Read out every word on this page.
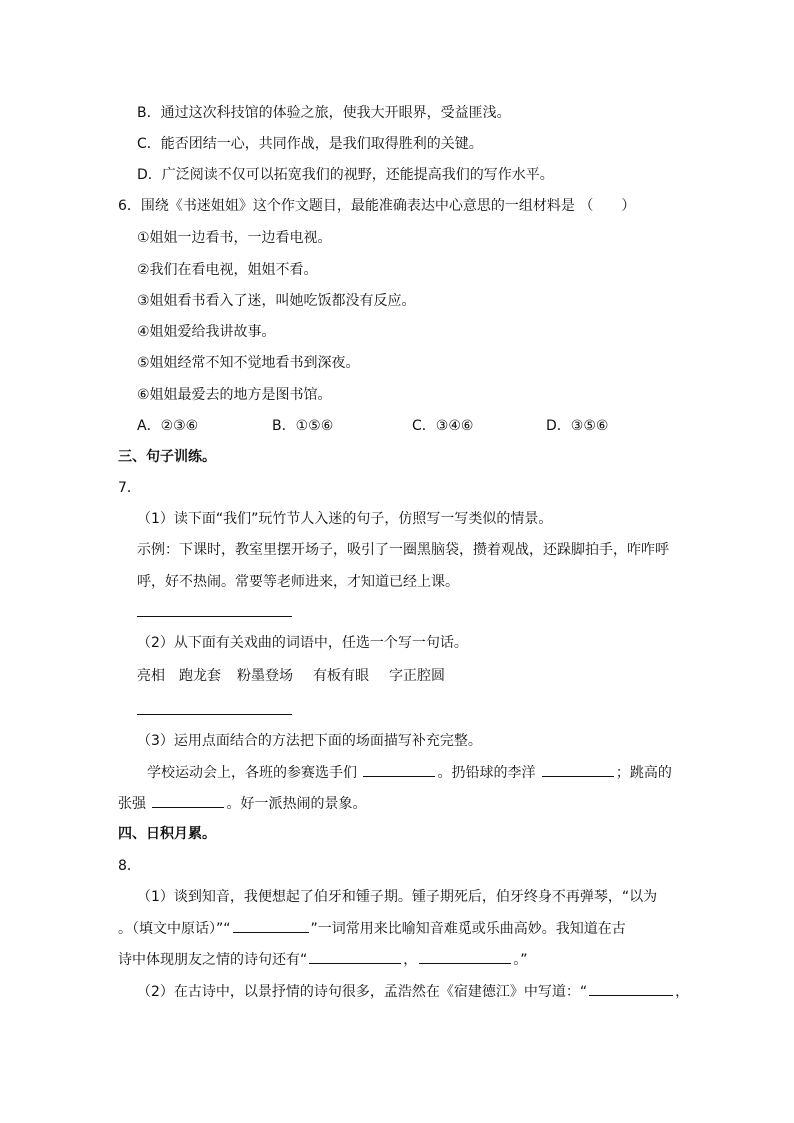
B．通过这次科技馆的体验之旅，使我大开眼界，受益匪浅。
C．能否团结一心，共同作战，是我们取得胜利的关键。
D．广泛阅读不仅可以拓宽我们的视野，还能提高我们的写作水平。
6．围绕《书迷姐姐》这个作文题目，最能准确表达中心意思的一组材料是 （　　）
①姐姐一边看书，一边看电视。
②我们在看电视，姐姐不看。
③姐姐看书看入了迷，叫她吃饭都没有反应。
④姐姐爱给我讲故事。
⑤姐姐经常不知不觉地看书到深夜。
⑥姐姐最爱去的地方是图书馆。
A．②③⑥	B．①⑤⑥	C．③④⑥	D．③⑤⑥
三、句子训练。
7．
（1）读下面“我们”玩竹节人入迷的句子，仿照写一写类似的情景。
示例：下课时，教室里摆开场子，吸引了一圈黑脑袋，攒着观战，还跺脚拍手，咋咋呼
呼，好不热闹。常要等老师进来，才知道已经上课。
（2）从下面有关戏曲的词语中，任选一个写一句话。
亮相 跑龙套 粉墨登场 有板有眼 字正腔圆
（3）运用点面结合的方法把下面的场面描写补充完整。
学校运动会上，各班的参赛选手们	。扔铅球的李洋	；跳高的
张强	。好一派热闹的景象。
四、日积月累。
8．
（1）谈到知音，我便想起了伯牙和锺子期。锺子期死后，伯牙终身不再弹琴，“以为
。（填文中原话）”“	”一词常用来比喻知音难觅或乐曲高妙。我知道在古
诗中体现朋友之情的诗句还有“	，	。”
（2）在古诗中，以景抒情的诗句很多，孟浩然在《宿建德江》中写道：“	，
